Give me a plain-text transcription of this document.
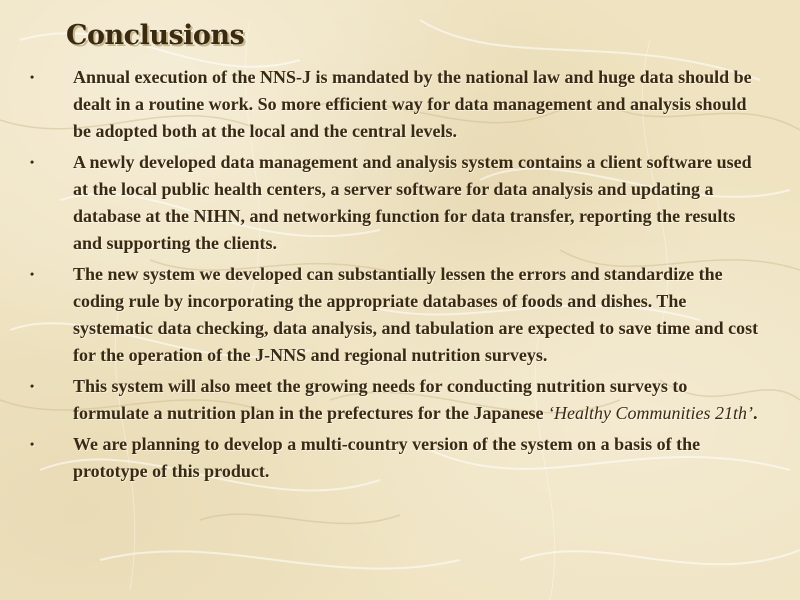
Conclusions
•	Annual execution of the NNS-J is mandated by the national law and huge data should be dealt in a routine work. So more efficient way for data management and analysis should be adopted both at the local and the central levels.
•	A newly developed data management and analysis system contains a client software used at the local public health centers, a server software for data analysis and updating a database at the NIHN, and networking function for data transfer, reporting the results and supporting the clients.
•	The new system we developed can substantially lessen the errors and standardize the coding rule by incorporating the appropriate databases of foods and dishes. The systematic data checking, data analysis, and tabulation are expected to save time and cost for the operation of the J-NNS and regional nutrition surveys.
•	This system will also meet the growing needs for conducting nutrition surveys to formulate a nutrition plan in the prefectures for the Japanese ‘Healthy Communities 21th’.
•	We are planning to develop a multi-country version of the system on a basis of the prototype of this product.
